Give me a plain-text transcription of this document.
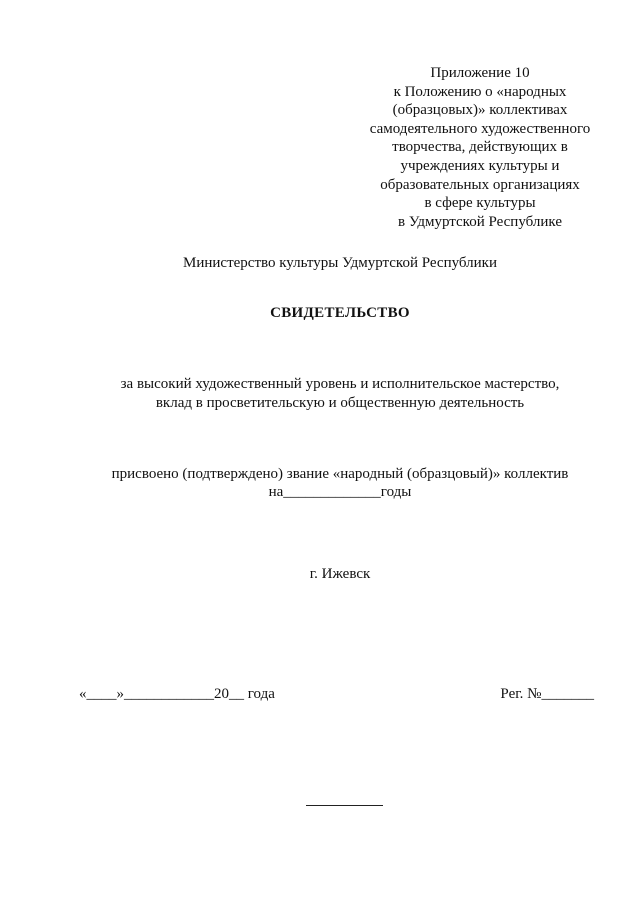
Приложение 10
к Положению о «народных
(образцовых)» коллективах
самодеятельного художественного
творчества, действующих в
учреждениях культуры и
образовательных организациях
в сфере культуры
в Удмуртской Республике
Министерство культуры Удмуртской Республики
СВИДЕТЕЛЬСТВО
за высокий художественный уровень и исполнительское мастерство,
вклад в просветительскую и общественную деятельность
присвоено (подтверждено) звание «народный (образцовый)» коллектив
на_____________годы
г. Ижевск
«____»____________20__ года	Рег. №_______
